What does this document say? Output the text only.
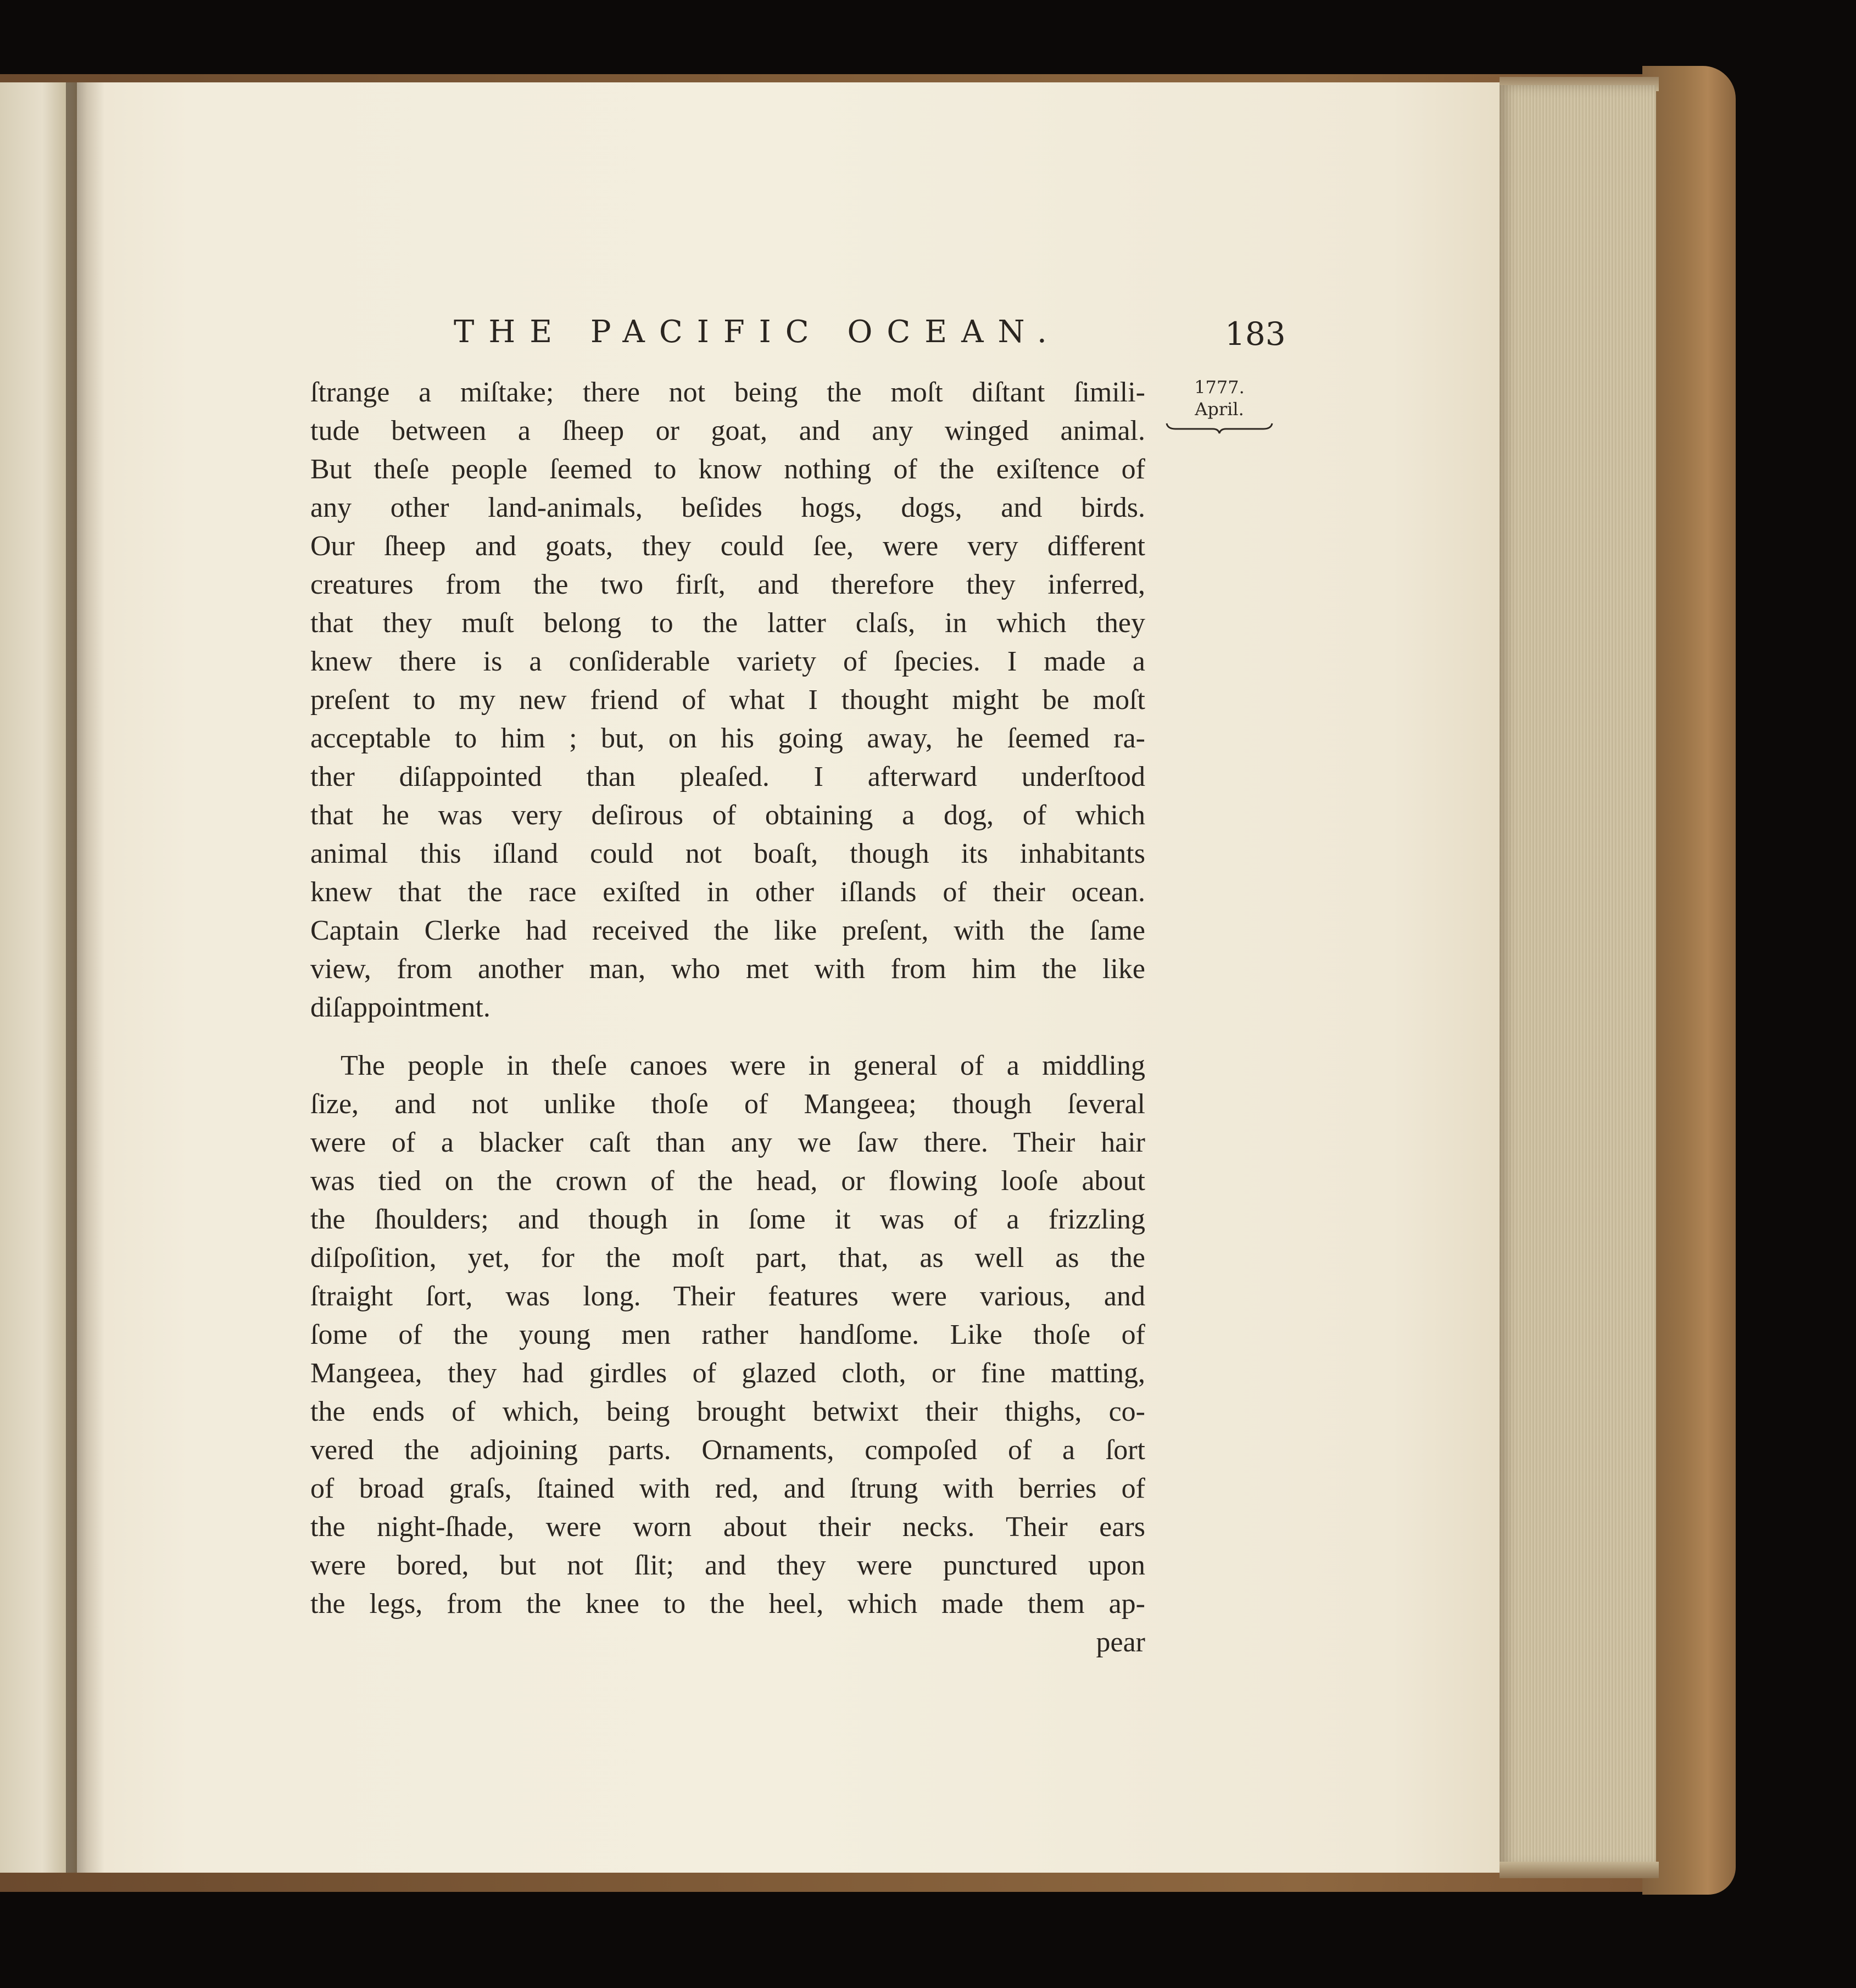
THE PACIFIC OCEAN.	183
1777.
April.
ſtrange a miſtake; there not being the moſt diſtant ſimili-
tude between a ſheep or goat, and any winged animal.
But theſe people ſeemed to know nothing of the exiſtence of
any other land-animals, beſides hogs, dogs, and birds.
Our ſheep and goats, they could ſee, were very different
creatures from the two firſt, and therefore they inferred,
that they muſt belong to the latter claſs, in which they
knew there is a conſiderable variety of ſpecies. I made a
preſent to my new friend of what I thought might be moſt
acceptable to him ; but, on his going away, he ſeemed ra-
ther diſappointed than pleaſed. I afterward underſtood
that he was very deſirous of obtaining a dog, of which
animal this iſland could not boaſt, though its inhabitants
knew that the race exiſted in other iſlands of their ocean.
Captain Clerke had received the like preſent, with the ſame
view, from another man, who met with from him the like
diſappointment.
The people in theſe canoes were in general of a middling
ſize, and not unlike thoſe of Mangeea; though ſeveral
were of a blacker caſt than any we ſaw there. Their hair
was tied on the crown of the head, or flowing looſe about
the ſhoulders; and though in ſome it was of a frizzling
diſpoſition, yet, for the moſt part, that, as well as the
ſtraight ſort, was long. Their features were various, and
ſome of the young men rather handſome. Like thoſe of
Mangeea, they had girdles of glazed cloth, or fine matting,
the ends of which, being brought betwixt their thighs, co-
vered the adjoining parts. Ornaments, compoſed of a ſort
of broad graſs, ſtained with red, and ſtrung with berries of
the night-ſhade, were worn about their necks. Their ears
were bored, but not ſlit; and they were punctured upon
the legs, from the knee to the heel, which made them ap-
pear
